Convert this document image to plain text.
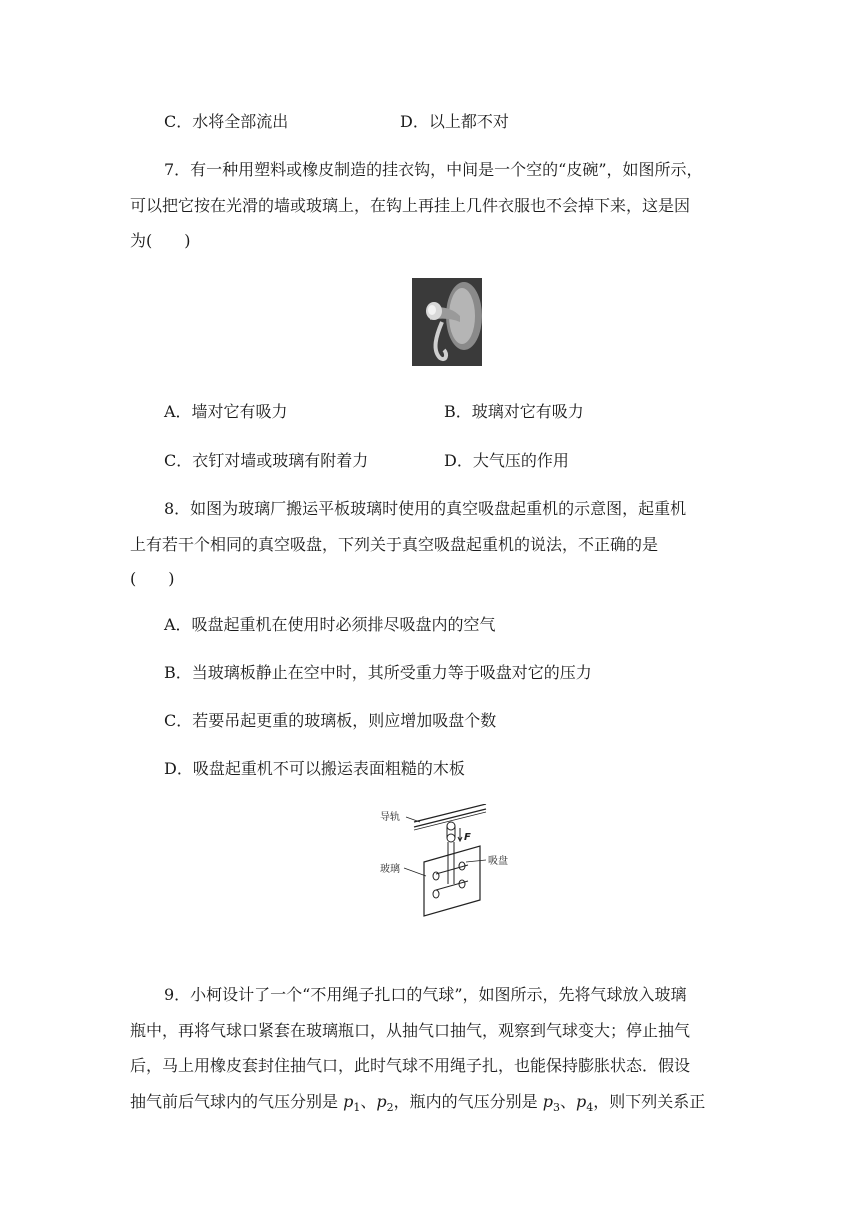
C．水将全部流出	D．以上都不对
7．有一种用塑料或橡皮制造的挂衣钩，中间是一个空的“皮碗”，如图所示，
可以把它按在光滑的墙或玻璃上，在钩上再挂上几件衣服也不会掉下来，这是因
为(　　)
A．墙对它有吸力	B．玻璃对它有吸力
C．衣钉对墙或玻璃有附着力	D．大气压的作用
8．如图为玻璃厂搬运平板玻璃时使用的真空吸盘起重机的示意图，起重机
上有若干个相同的真空吸盘，下列关于真空吸盘起重机的说法，不正确的是
(　　)
A．吸盘起重机在使用时必须排尽吸盘内的空气
B．当玻璃板静止在空中时，其所受重力等于吸盘对它的压力
C．若要吊起更重的玻璃板，则应增加吸盘个数
D．吸盘起重机不可以搬运表面粗糙的木板
导轨
F
玻璃
吸盘
9．小柯设计了一个“不用绳子扎口的气球”，如图所示，先将气球放入玻璃
瓶中，再将气球口紧套在玻璃瓶口，从抽气口抽气，观察到气球变大；停止抽气
后，马上用橡皮套封住抽气口，此时气球不用绳子扎，也能保持膨胀状态．假设
抽气前后气球内的气压分别是 $p_1$、$p_2$，瓶内的气压分别是 $p_3$、$p_4$，则下列关系正
